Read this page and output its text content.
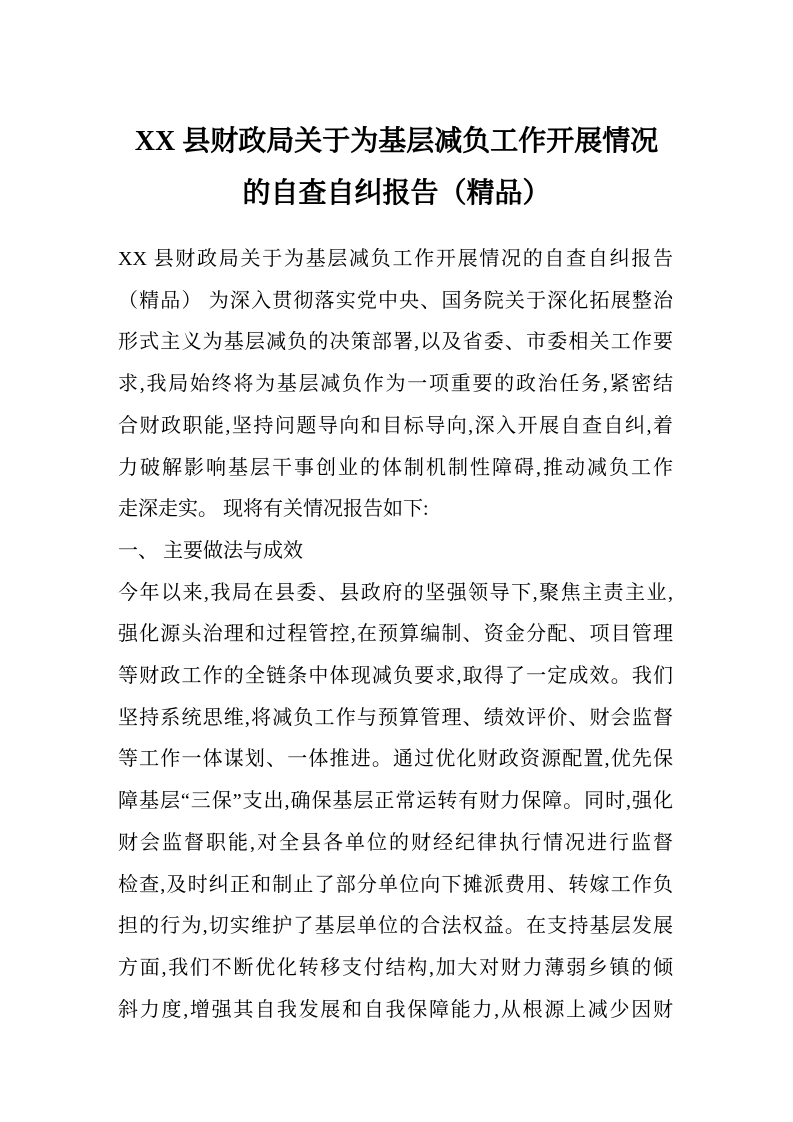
XX 县财政局关于为基层减负工作开展情况
的自查自纠报告（精品）
XX 县财政局关于为基层减负工作开展情况的自查自纠报告
（精品） 为深入贯彻落实党中央、国务院关于深化拓展整治
形式主义为基层减负的决策部署,以及省委、市委相关工作要
求,我局始终将为基层减负作为一项重要的政治任务,紧密结
合财政职能,坚持问题导向和目标导向,深入开展自查自纠,着
力破解影响基层干事创业的体制机制性障碍,推动减负工作
走深走实。 现将有关情况报告如下:
一、 主要做法与成效
今年以来,我局在县委、县政府的坚强领导下,聚焦主责主业,
强化源头治理和过程管控,在预算编制、资金分配、项目管理
等财政工作的全链条中体现减负要求,取得了一定成效。我们
坚持系统思维,将减负工作与预算管理、绩效评价、财会监督
等工作一体谋划、一体推进。通过优化财政资源配置,优先保
障基层“三保”支出,确保基层正常运转有财力保障。同时,强化
财会监督职能,对全县各单位的财经纪律执行情况进行监督
检查,及时纠正和制止了部分单位向下摊派费用、转嫁工作负
担的行为,切实维护了基层单位的合法权益。在支持基层发展
方面,我们不断优化转移支付结构,加大对财力薄弱乡镇的倾
斜力度,增强其自我发展和自我保障能力,从根源上减少因财
